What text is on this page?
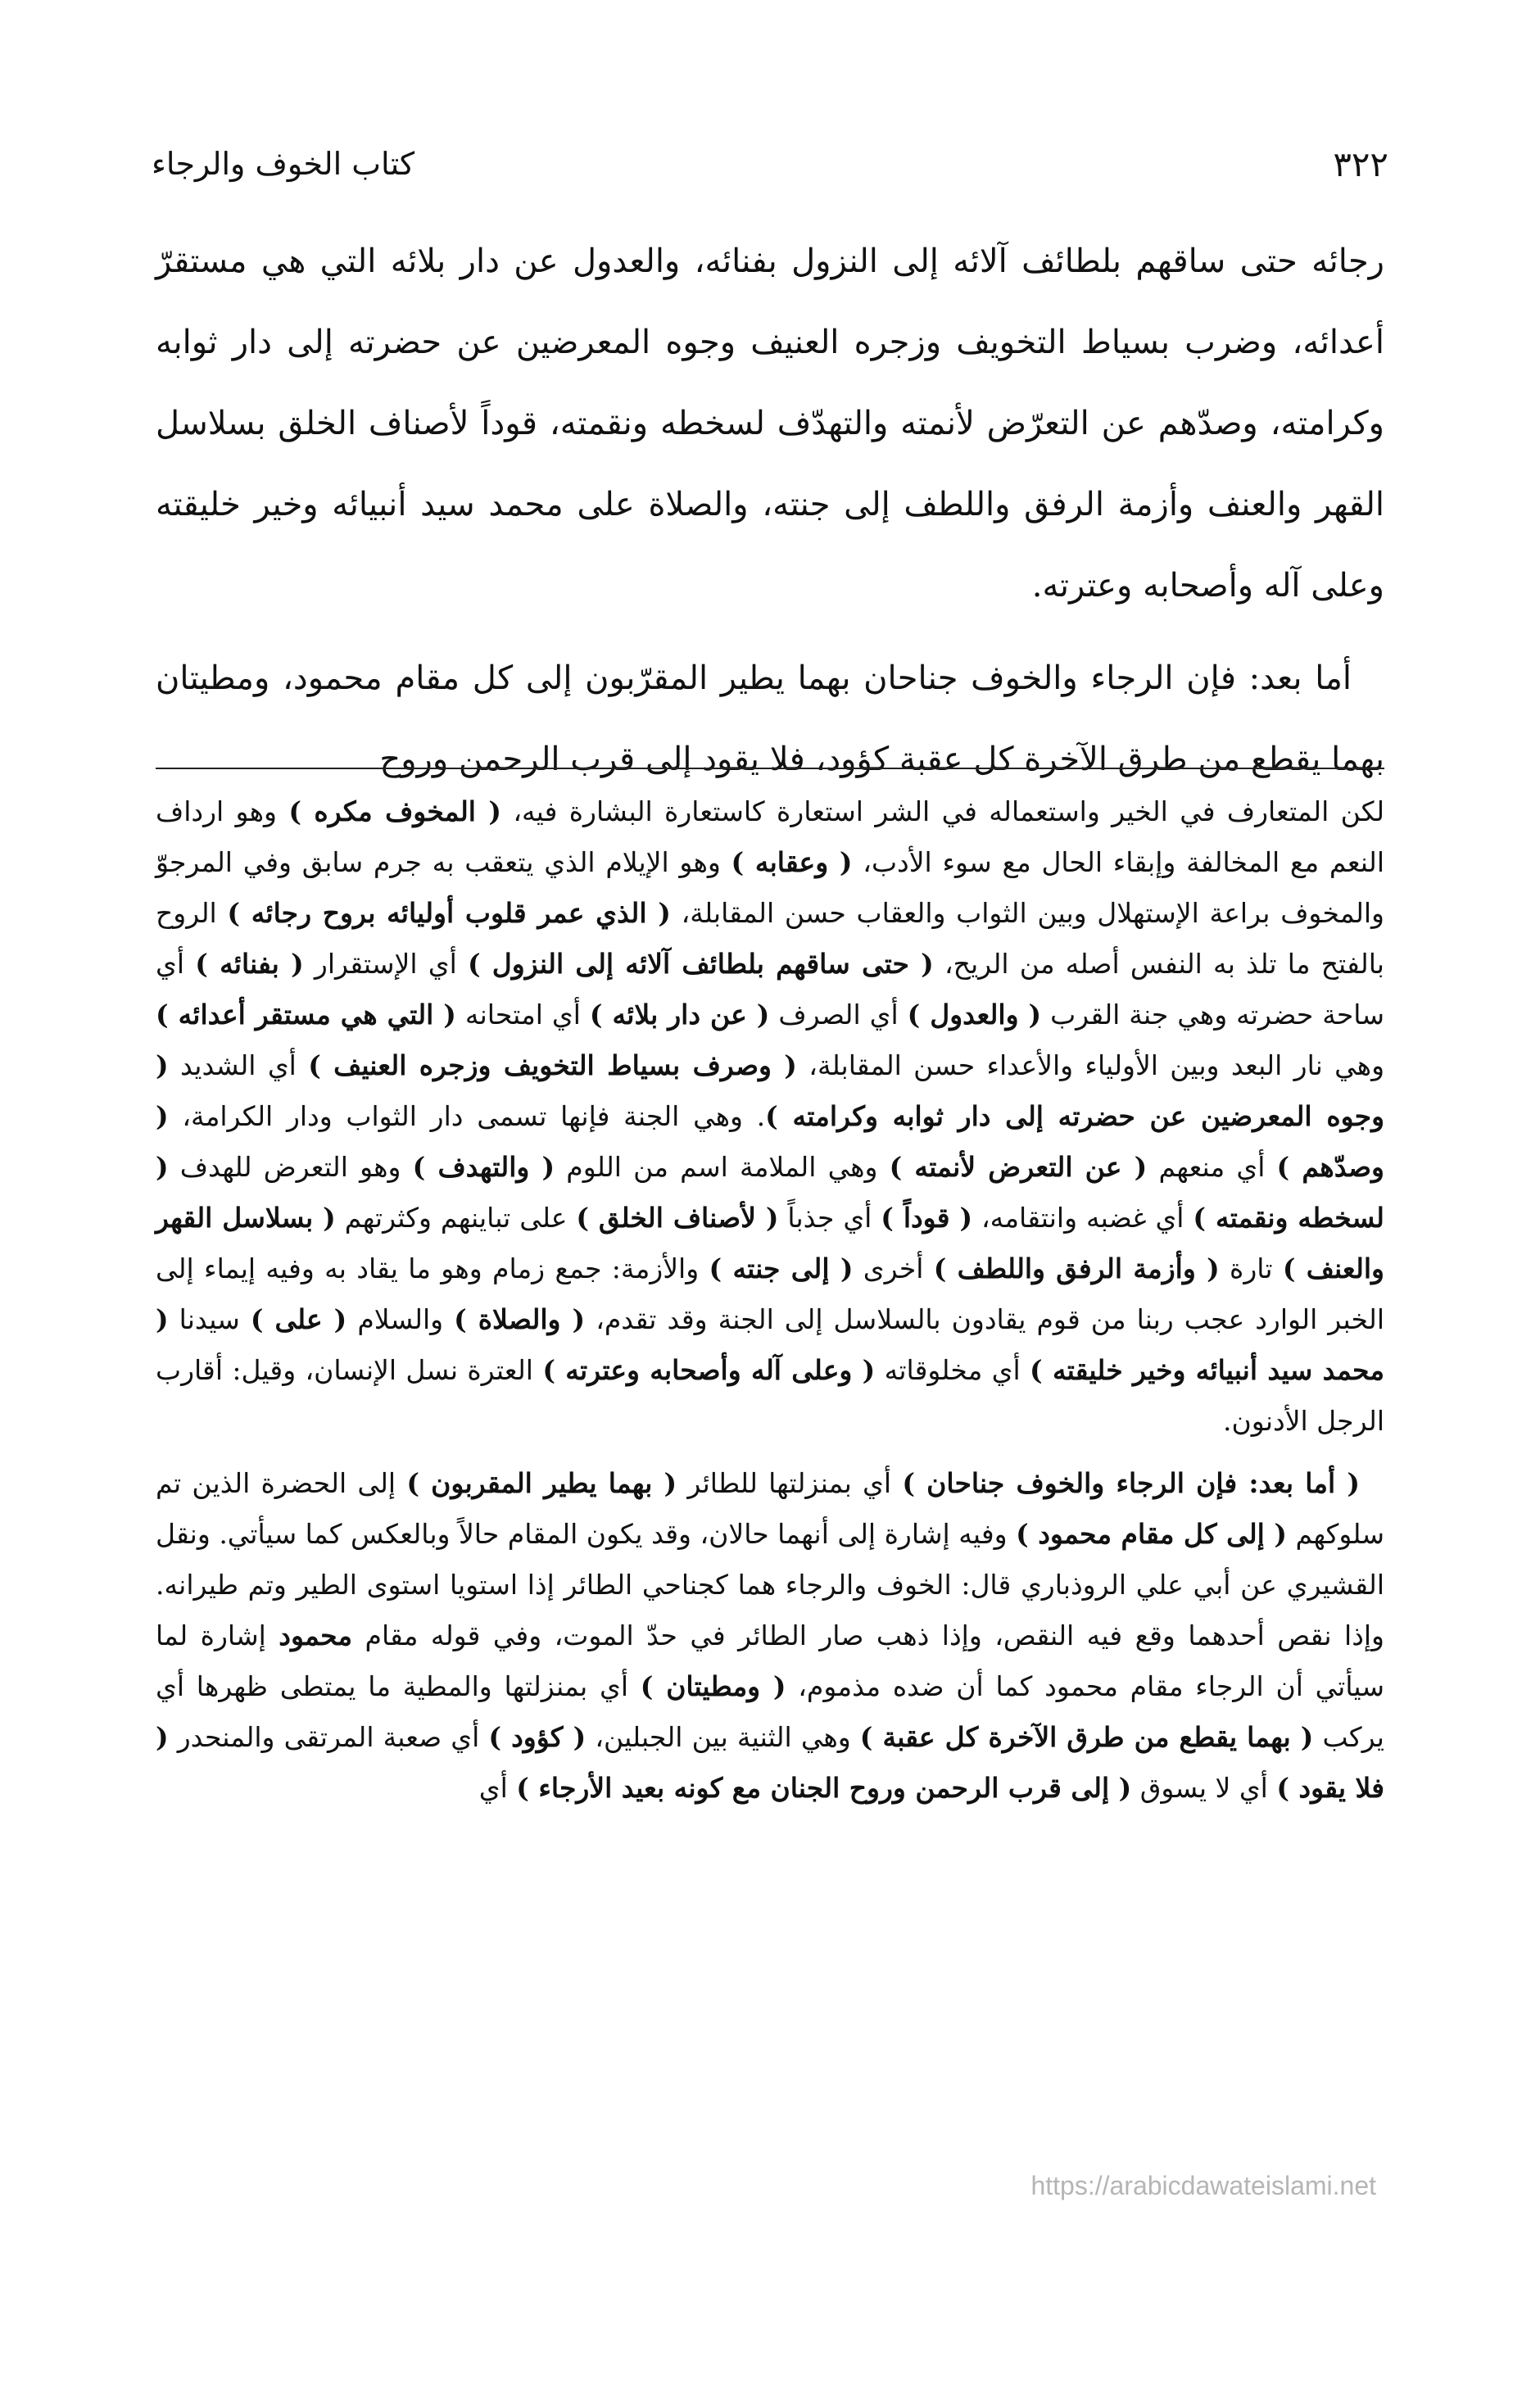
كتاب الخوف والرجاء	٣٢٢

رجائه حتى ساقهم بلطائف آلائه إلى النزول بفنائه، والعدول عن دار بلائه التي هي مستقرّ أعدائه، وضرب بسياط التخويف وزجره العنيف وجوه المعرضين عن حضرته إلى دار ثوابه وكرامته، وصدّهم عن التعرّض لأنمته والتهدّف لسخطه ونقمته، قوداً لأصناف الخلق بسلاسل القهر والعنف وأزمة الرفق واللطف إلى جنته، والصلاة على محمد سيد أنبيائه وخير خليقته وعلى آله وأصحابه وعترته.

أما بعد: فإن الرجاء والخوف جناحان بهما يطير المقرّبون إلى كل مقام محمود، ومطيتان بهما يقطع من طرق الآخرة كل عقبة كؤود، فلا يقود إلى قرب الرحمن وروح

لكن المتعارف في الخير واستعماله في الشر استعارة كاستعارة البشارة فيه، ( المخوف مكره ) وهو ارداف النعم مع المخالفة وإبقاء الحال مع سوء الأدب، ( وعقابه ) وهو الإيلام الذي يتعقب به جرم سابق وفي المرجوّ والمخوف براعة الإستهلال وبين الثواب والعقاب حسن المقابلة، ( الذي عمر قلوب أوليائه بروح رجائه ) الروح بالفتح ما تلذ به النفس أصله من الريح، ( حتى ساقهم بلطائف آلائه إلى النزول ) أي الإستقرار ( بفنائه ) أي ساحة حضرته وهي جنة القرب ( والعدول ) أي الصرف ( عن دار بلائه ) أي امتحانه ( التي هي مستقر أعدائه ) وهي نار البعد وبين الأولياء والأعداء حسن المقابلة، ( وصرف بسياط التخويف وزجره العنيف ) أي الشديد ( وجوه المعرضين عن حضرته إلى دار ثوابه وكرامته ). وهي الجنة فإنها تسمى دار الثواب ودار الكرامة، ( وصدّهم ) أي منعهم ( عن التعرض لأنمته ) وهي الملامة اسم من اللوم ( والتهدف ) وهو التعرض للهدف ( لسخطه ونقمته ) أي غضبه وانتقامه، ( قوداً ) أي جذباً ( لأصناف الخلق ) على تباينهم وكثرتهم ( بسلاسل القهر والعنف ) تارة ( وأزمة الرفق واللطف ) أخرى ( إلى جنته ) والأزمة: جمع زمام وهو ما يقاد به وفيه إيماء إلى الخبر الوارد عجب ربنا من قوم يقادون بالسلاسل إلى الجنة وقد تقدم، ( والصلاة ) والسلام ( على ) سيدنا ( محمد سيد أنبيائه وخير خليقته ) أي مخلوقاته ( وعلى آله وأصحابه وعترته ) العترة نسل الإنسان، وقيل: أقارب الرجل الأدنون.

( أما بعد: فإن الرجاء والخوف جناحان ) أي بمنزلتها للطائر ( بهما يطير المقربون ) إلى الحضرة الذين تم سلوكهم ( إلى كل مقام محمود ) وفيه إشارة إلى أنهما حالان، وقد يكون المقام حالاً وبالعكس كما سيأتي. ونقل القشيري عن أبي علي الروذباري قال: الخوف والرجاء هما كجناحي الطائر إذا استويا استوى الطير وتم طيرانه. وإذا نقص أحدهما وقع فيه النقص، وإذا ذهب صار الطائر في حدّ الموت، وفي قوله مقام محمود إشارة لما سيأتي أن الرجاء مقام محمود كما أن ضده مذموم، ( ومطيتان ) أي بمنزلتها والمطية ما يمتطى ظهرها أي يركب ( بهما يقطع من طرق الآخرة كل عقبة ) وهي الثنية بين الجبلين، ( كؤود ) أي صعبة المرتقى والمنحدر ( فلا يقود ) أي لا يسوق ( إلى قرب الرحمن وروح الجنان مع كونه بعيد الأرجاء ) أي

https://arabicdawateislami.net
